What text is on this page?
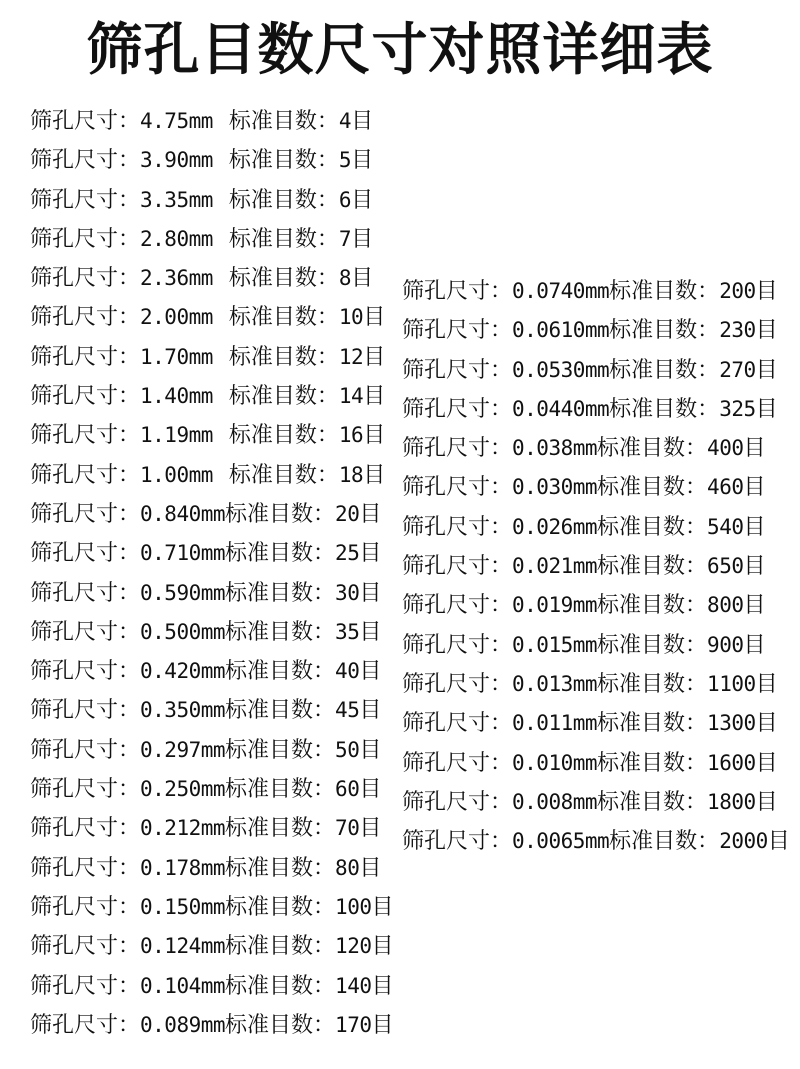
筛孔目数尺寸对照详细表
筛孔尺寸：4.75mm 标准目数：4目
筛孔尺寸：3.90mm 标准目数：5目
筛孔尺寸：3.35mm 标准目数：6目
筛孔尺寸：2.80mm 标准目数：7目
筛孔尺寸：2.36mm 标准目数：8目
筛孔尺寸：2.00mm 标准目数：10目
筛孔尺寸：1.70mm 标准目数：12目
筛孔尺寸：1.40mm 标准目数：14目
筛孔尺寸：1.19mm 标准目数：16目
筛孔尺寸：1.00mm 标准目数：18目
筛孔尺寸：0.840mm标准目数：20目
筛孔尺寸：0.710mm标准目数：25目
筛孔尺寸：0.590mm标准目数：30目
筛孔尺寸：0.500mm标准目数：35目
筛孔尺寸：0.420mm标准目数：40目
筛孔尺寸：0.350mm标准目数：45目
筛孔尺寸：0.297mm标准目数：50目
筛孔尺寸：0.250mm标准目数：60目
筛孔尺寸：0.212mm标准目数：70目
筛孔尺寸：0.178mm标准目数：80目
筛孔尺寸：0.150mm标准目数：100目
筛孔尺寸：0.124mm标准目数：120目
筛孔尺寸：0.104mm标准目数：140目
筛孔尺寸：0.089mm标准目数：170目
筛孔尺寸：0.0740mm标准目数：200目
筛孔尺寸：0.0610mm标准目数：230目
筛孔尺寸：0.0530mm标准目数：270目
筛孔尺寸：0.0440mm标准目数：325目
筛孔尺寸：0.038mm标准目数：400目
筛孔尺寸：0.030mm标准目数：460目
筛孔尺寸：0.026mm标准目数：540目
筛孔尺寸：0.021mm标准目数：650目
筛孔尺寸：0.019mm标准目数：800目
筛孔尺寸：0.015mm标准目数：900目
筛孔尺寸：0.013mm标准目数：1100目
筛孔尺寸：0.011mm标准目数：1300目
筛孔尺寸：0.010mm标准目数：1600目
筛孔尺寸：0.008mm标准目数：1800目
筛孔尺寸：0.0065mm标准目数：2000目
